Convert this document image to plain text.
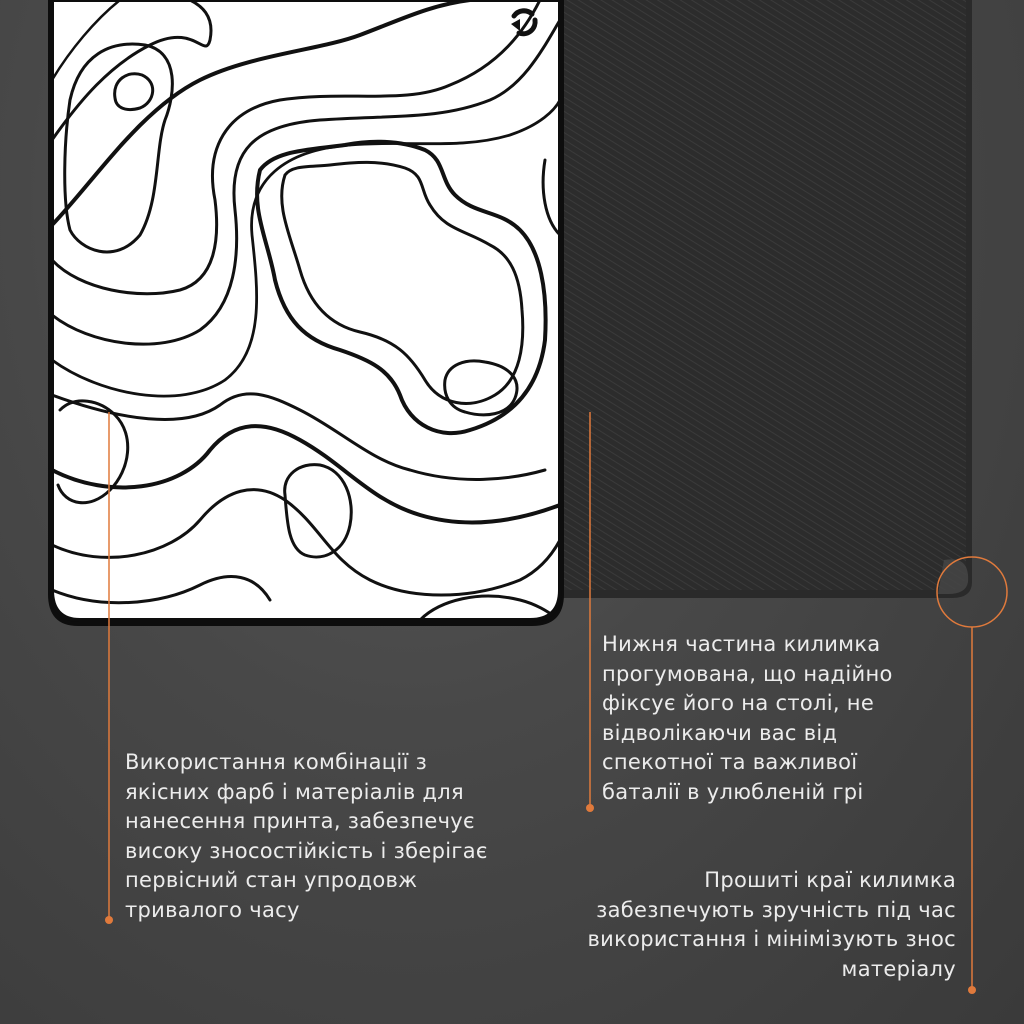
Використання комбінації з
якісних фарб і матеріалів для
нанесення принта, забезпечує
високу зносостійкість і зберігає
первісний стан упродовж
тривалого часу

Нижня частина килимка
прогумована, що надійно
фіксує його на столі, не
відволікаючи вас від
спекотної та важливої
баталії в улюбленій грі

Прошиті краї килимка
забезпечують зручність під час
використання і мінімізують знос
матеріалу
